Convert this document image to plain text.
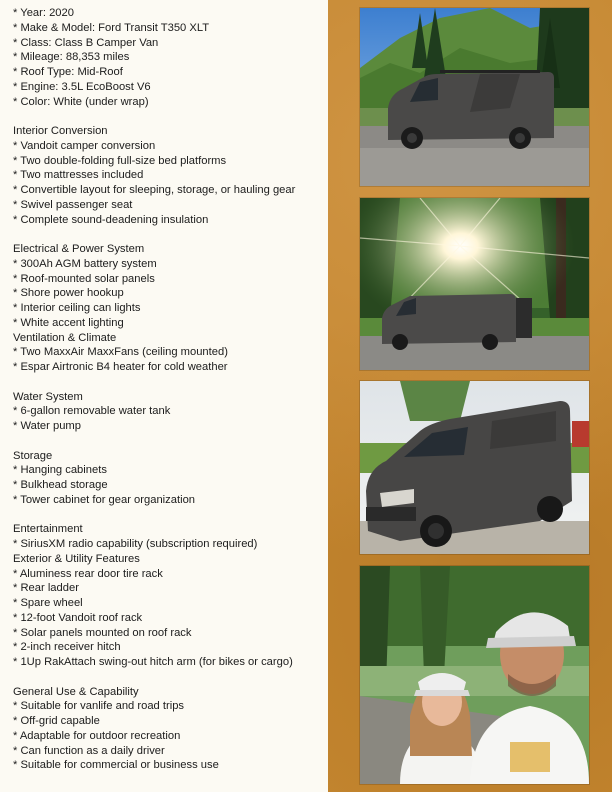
* Year: 2020
* Make & Model: Ford Transit T350 XLT
* Class: Class B Camper Van
* Mileage: 88,353 miles
* Roof Type: Mid-Roof
* Engine: 3.5L EcoBoost V6
* Color: White (under wrap)
Interior Conversion
* Vandoit camper conversion
* Two double-folding full-size bed platforms
* Two mattresses included
* Convertible layout for sleeping, storage, or hauling gear
* Swivel passenger seat
* Complete sound-deadening insulation
Electrical & Power System
* 300Ah AGM battery system
* Roof-mounted solar panels
* Shore power hookup
* Interior ceiling can lights
* White accent lighting
Ventilation & Climate
* Two MaxxAir MaxxFans (ceiling mounted)
* Espar Airtronic B4 heater for cold weather
Water System
* 6-gallon removable water tank
* Water pump
Storage
* Hanging cabinets
* Bulkhead storage
* Tower cabinet for gear organization
Entertainment
* SiriusXM radio capability (subscription required)
Exterior & Utility Features
* Aluminess rear door tire rack
* Rear ladder
* Spare wheel
* 12-foot Vandoit roof rack
* Solar panels mounted on roof rack
* 2-inch receiver hitch
* 1Up RakAttach swing-out hitch arm (for bikes or cargo)
General Use & Capability
* Suitable for vanlife and road trips
* Off-grid capable
* Adaptable for outdoor recreation
* Can function as a daily driver
* Suitable for commercial or business use
